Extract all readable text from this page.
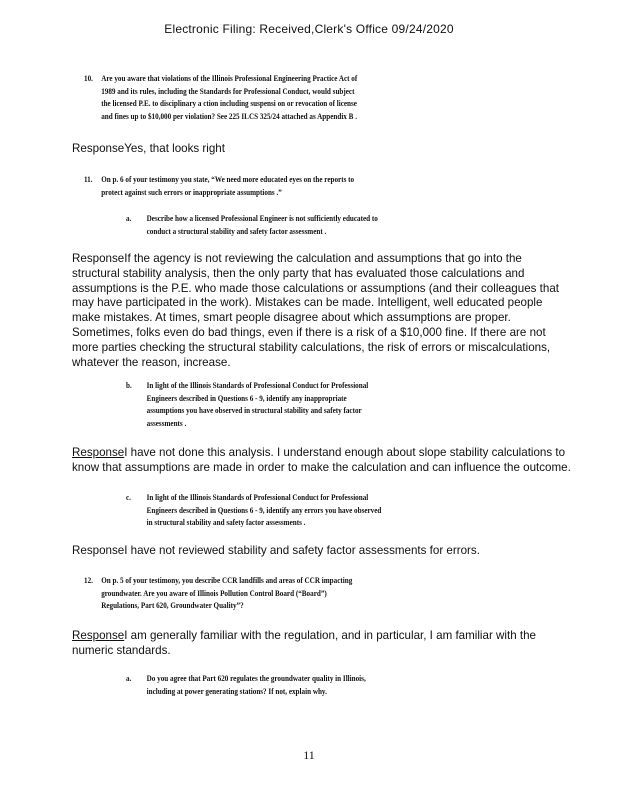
Electronic Filing: Received,Clerk's Office 09/24/2020
10. Are you aware that violations of the Illinois Professional Engineering Practice Act of
1989 and its rules, including the Standards for Professional Conduct, would subject
the licensed P.E. to disciplinary a ction including suspensi on or revocation of license
and fines up to $10,000 per violation? See 225 ILCS 325/24 attached as Appendix B .
ResponseYes, that looks right
11. On p. 6 of your testimony you state, “We need more educated eyes on the reports to
protect against such errors or inappropriate assumptions .”
a. Describe how a licensed Professional Engineer is not sufficiently educated to
conduct a structural stability and safety factor assessment .
ResponseIf the agency is not reviewing the calculation and assumptions that go into the structural stability analysis, then the only party that has evaluated those calculations and assumptions is the P.E. who made those calculations or assumptions (and their colleagues that may have participated in the work). Mistakes can be made. Intelligent, well educated people make mistakes. At times, smart people disagree about which assumptions are proper. Sometimes, folks even do bad things, even if there is a risk of a $10,000 fine. If there are not more parties checking the structural stability calculations, the risk of errors or miscalculations, whatever the reason, increase.
b. In light of the Illinois Standards of Professional Conduct for Professional
Engineers described in Questions 6 - 9, identify any inappropriate
assumptions you have observed in structural stability and safety factor
assessments .
ResponseI have not done this analysis. I understand enough about slope stability calculations to know that assumptions are made in order to make the calculation and can influence the outcome.
c. In light of the Illinois Standards of Professional Conduct for Professional
Engineers described in Questions 6 - 9, identify any errors you have observed
in structural stability and safety factor assessments .
ResponseI have not reviewed stability and safety factor assessments for errors.
12. On p. 5 of your testimony, you describe CCR landfills and areas of CCR impacting
groundwater. Are you aware of Illinois Pollution Control Board (“Board”)
Regulations, Part 620, Groundwater Quality”?
ResponseI am generally familiar with the regulation, and in particular, I am familiar with the numeric standards.
a. Do you agree that Part 620 regulates the groundwater quality in Illinois,
including at power generating stations? If not, explain why.
11
